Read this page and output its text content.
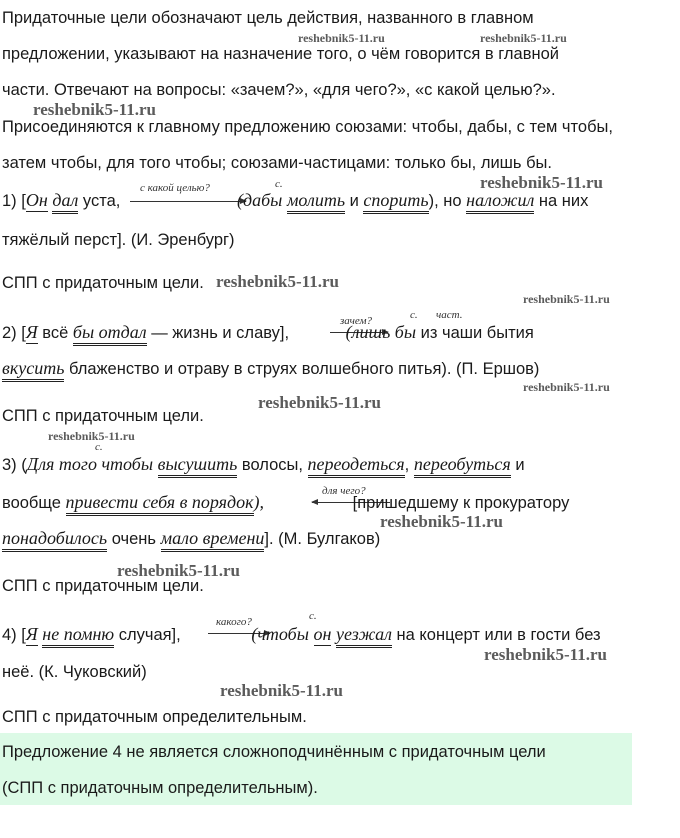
Придаточные цели обозначают цель действия, названного в главном
предложении, указывают на назначение того, о чём говорится в главной
части. Отвечают на вопросы: «зачем?», «для чего?», «с какой целью?».
Присоединяются к главному предложению союзами: чтобы, дабы, с тем чтобы,
затем чтобы, для того чтобы; союзами-частицами: только бы, лишь бы.
с какой целью?	с.
1) [Он дал уста,	(дабы молить и спорить), но наложил на них
тяжёлый перст]. (И. Эренбург)
СПП с придаточным цели.
зачем?	с. част.
2) [Я всё бы отдал — жизнь и славу],	(лишь бы из чаши бытия
вкусить блаженство и отраву в струях волшебного питья). (П. Ершов)
СПП с придаточным цели.
с.
3) (Для того чтобы высушить волосы, переодеться, переобуться и
для чего?
вообще привести себя в порядок),	[пришедшему к прокуратору
понадобилось очень мало времени]. (М. Булгаков)
СПП с придаточным цели.
какого?	с.
4) [Я не помню случая],	(чтобы он уезжал на концерт или в гости без
неё. (К. Чуковский)
СПП с придаточным определительным.
Предложение 4 не является сложноподчинённым с придаточным цели
(СПП с придаточным определительным).
reshebnik5-11.ru	reshebnik5-11.ru
reshebnik5-11.ru
reshebnik5-11.ru
reshebnik5-11.ru
reshebnik5-11.ru
reshebnik5-11.ru
reshebnik5-11.ru
reshebnik5-11.ru
reshebnik5-11.ru
reshebnik5-11.ru
reshebnik5-11.ru
reshebnik5-11.ru
